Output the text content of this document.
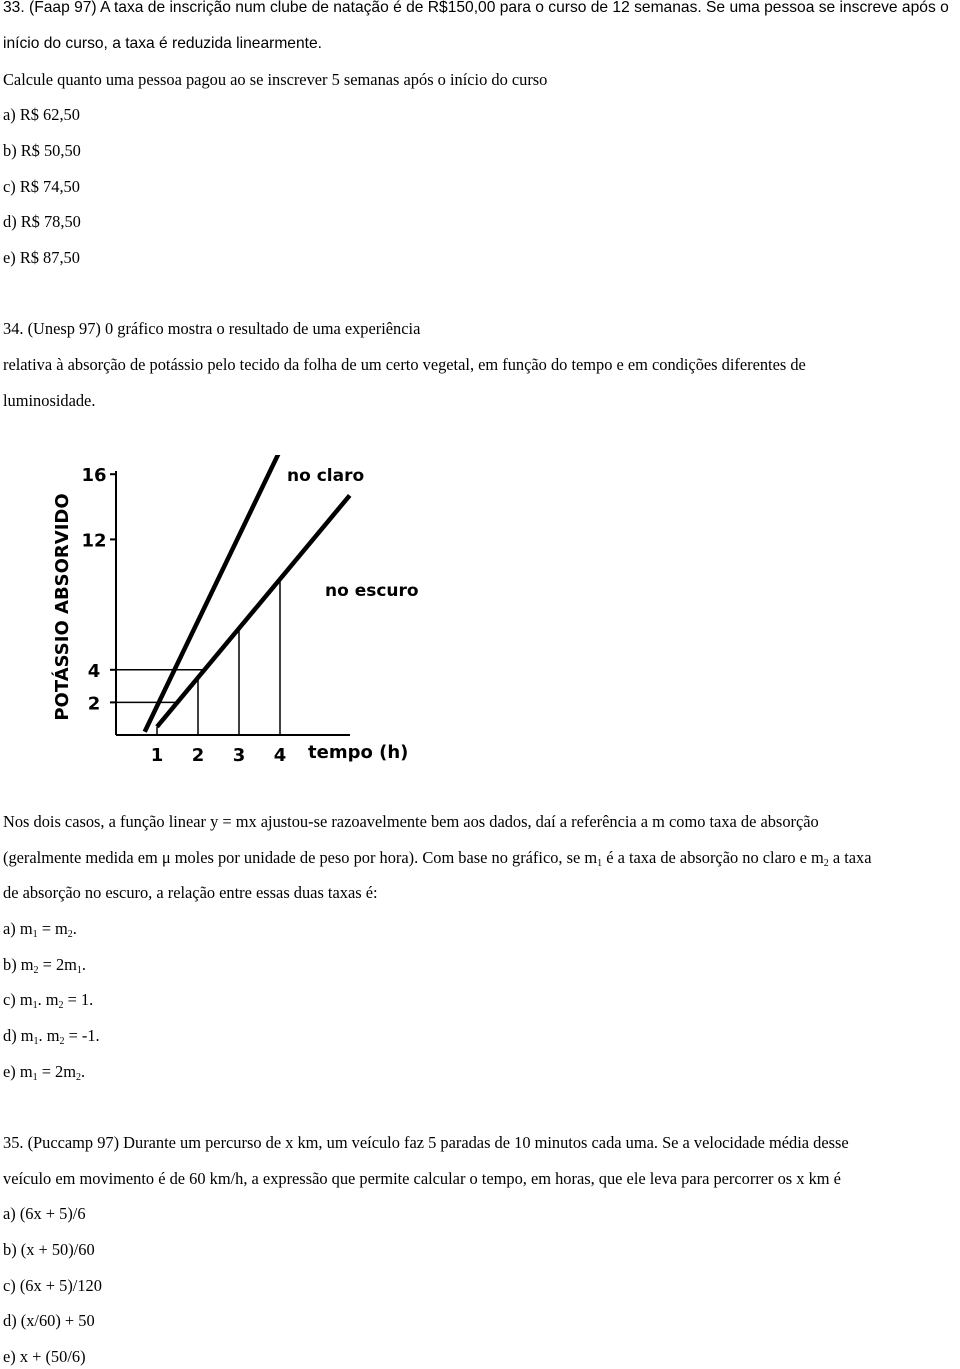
33. (Faap 97) A taxa de inscrição num clube de natação é de R$150,00 para o curso de 12 semanas. Se uma pessoa se inscreve após o
início do curso, a taxa é reduzida linearmente.
Calcule quanto uma pessoa pagou ao se inscrever 5 semanas após o início do curso
a) R$ 62,50
b) R$ 50,50
c) R$ 74,50
d) R$ 78,50
e) R$ 87,50
34. (Unesp 97) 0 gráfico mostra o resultado de uma experiência
relativa à absorção de potássio pelo tecido da folha de um certo vegetal, em função do tempo e em condições diferentes de
luminosidade.
2
4
12
16
1 2 3 4
POTÁSSIO ABSORVIDO
tempo (h)
no claro
no escuro
Nos dois casos, a função linear y = mx ajustou-se razoavelmente bem aos dados, daí a referência a m como taxa de absorção
(geralmente medida em μ moles por unidade de peso por hora). Com base no gráfico, se $m_1$ é a taxa de absorção no claro e $m_2$ a taxa
de absorção no escuro, a relação entre essas duas taxas é:
a) $m_1 = m_2$.
b) $m_2 = 2m_1$.
c) $m_1$. $m_2 = 1$.
d) $m_1$. $m_2 = -1$.
e) $m_1 = 2m_2$.
35. (Puccamp 97) Durante um percurso de x km, um veículo faz 5 paradas de 10 minutos cada uma. Se a velocidade média desse
veículo em movimento é de 60 km/h, a expressão que permite calcular o tempo, em horas, que ele leva para percorrer os x km é
a) (6x + 5)/6
b) (x + 50)/60
c) (6x + 5)/120
d) (x/60) + 50
e) x + (50/6)
